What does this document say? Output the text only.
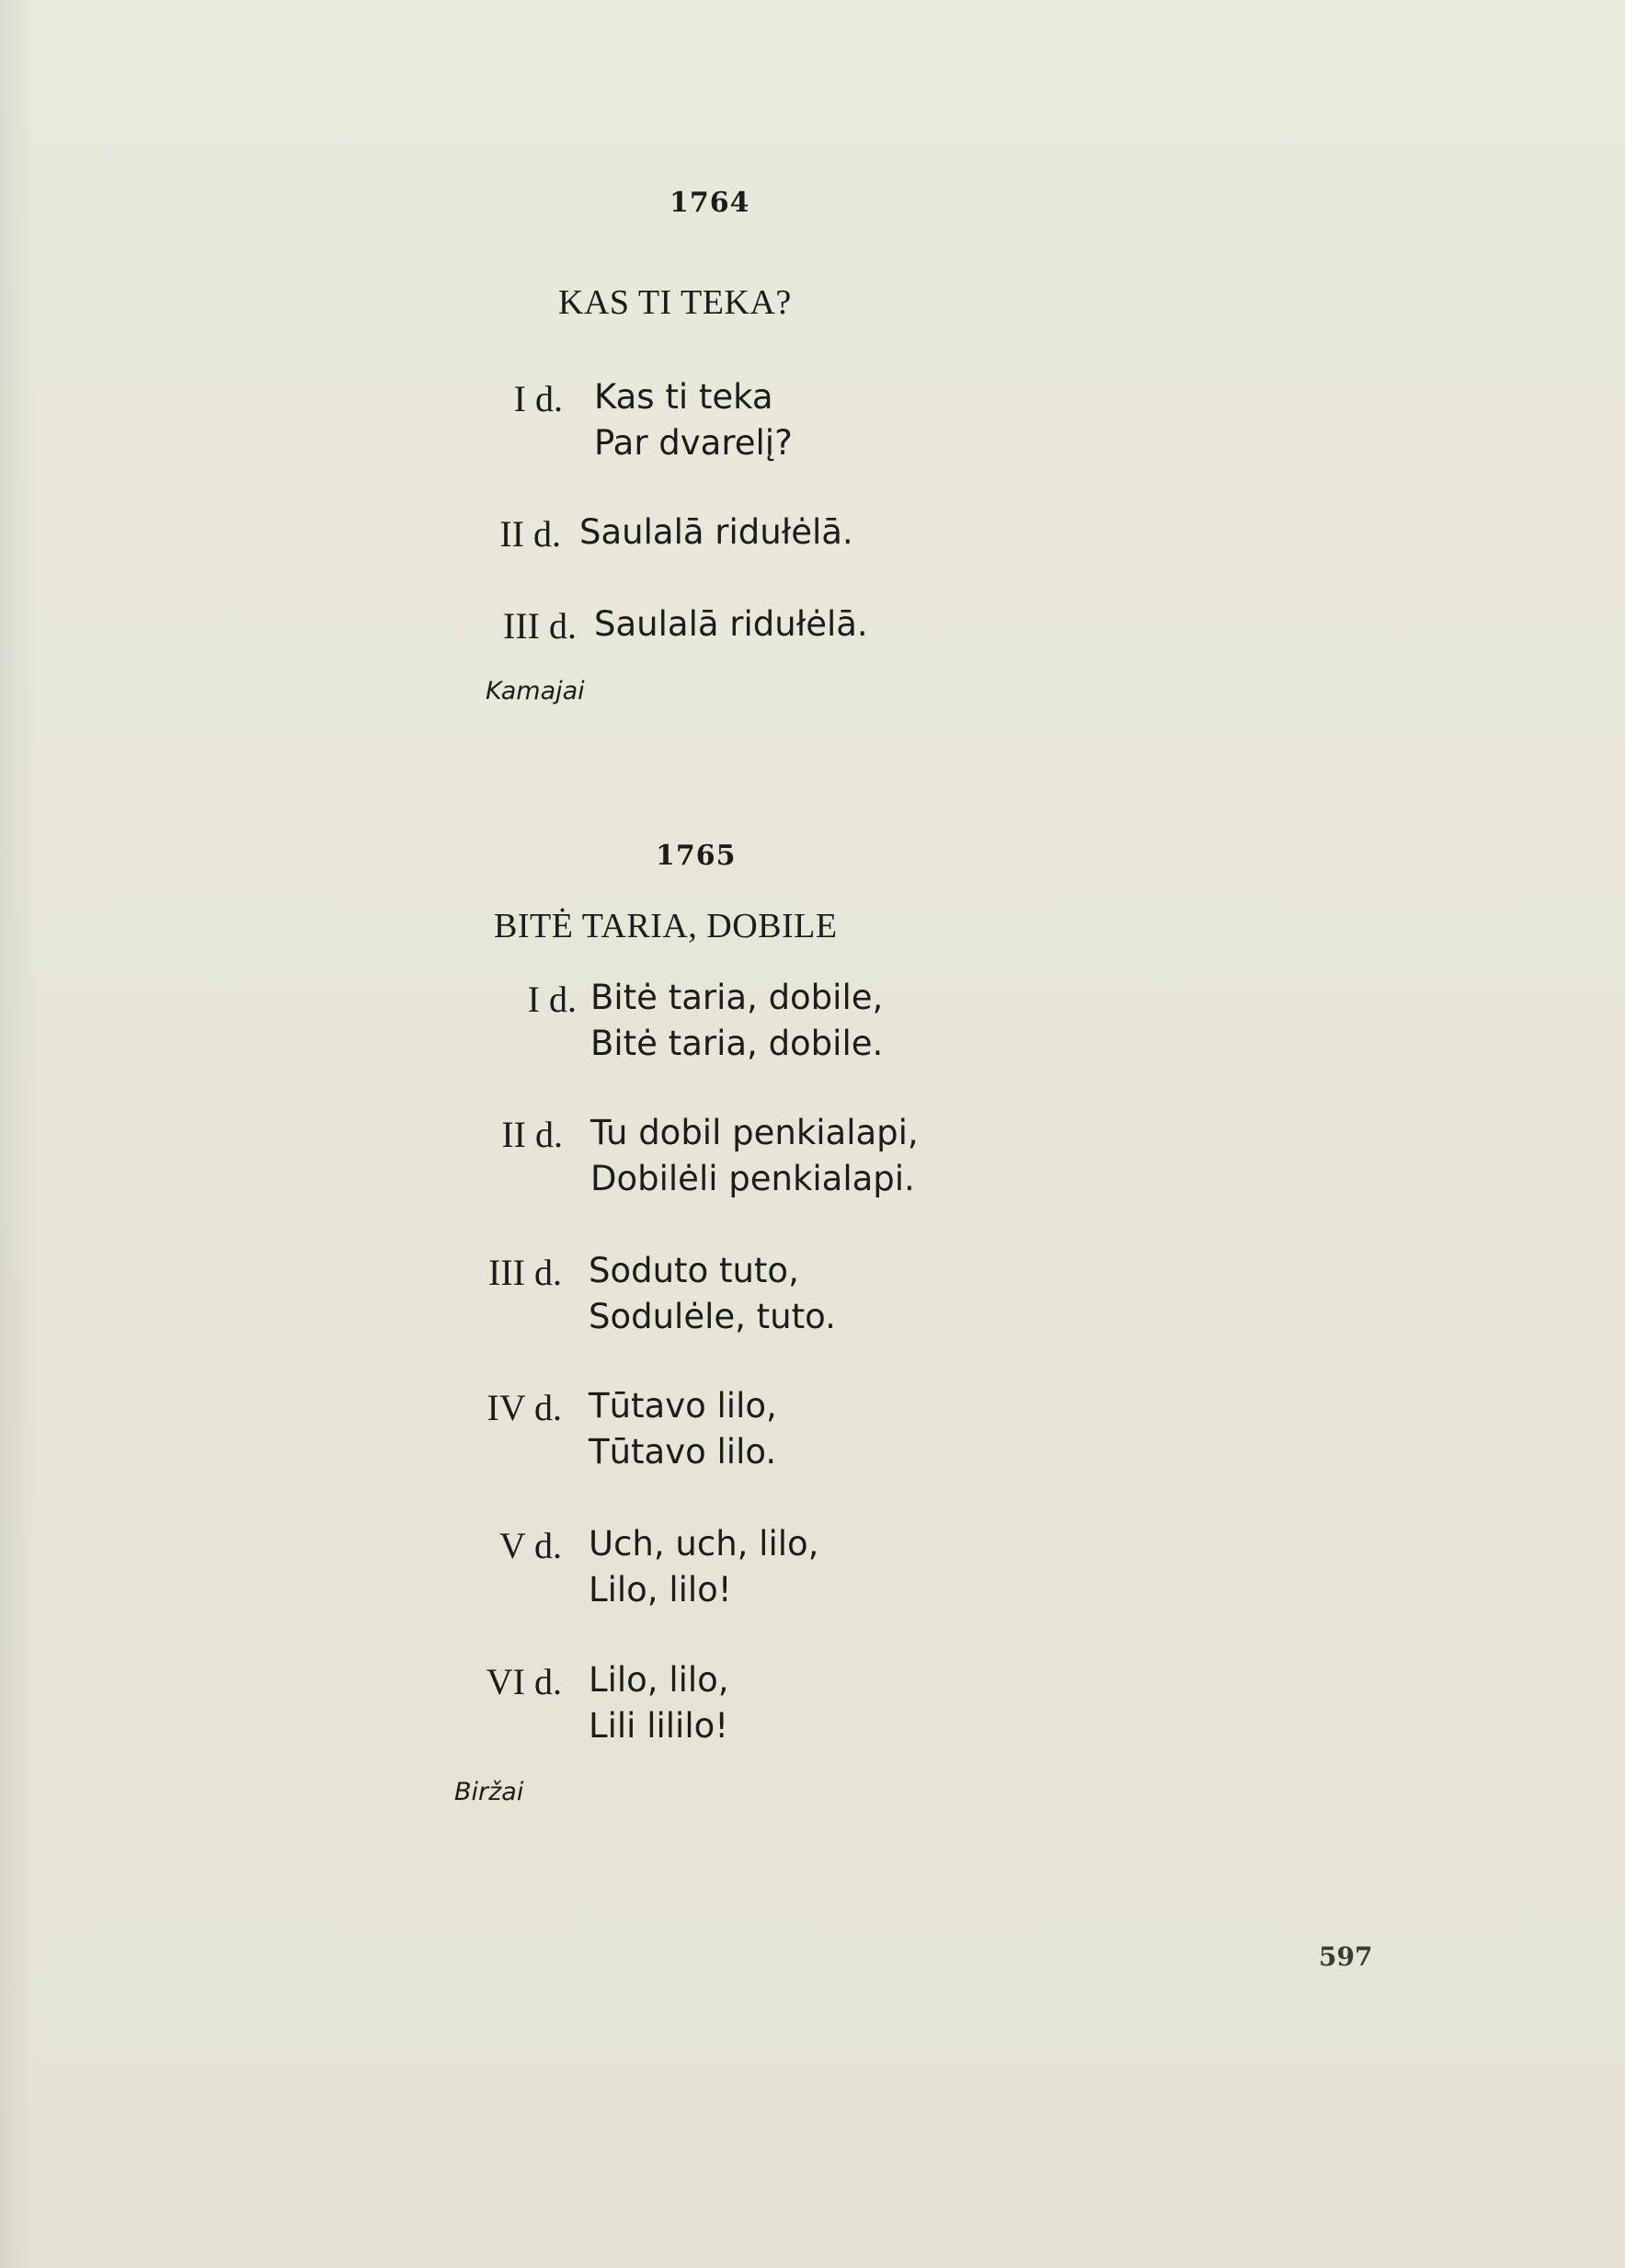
1764
KAS TI TEKA?
I d. Kas ti teka
Par dvarelį?
II d. Saulalā ridułėlā.
III d. Saulalā ridułėlā.
Kamajai
1765
BITĖ TARIA, DOBILE
I d. Bitė taria, dobile,
Bitė taria, dobile.
II d. Tu dobil penkialapi,
Dobilėli penkialapi.
III d. Soduto tuto,
Sodulėle, tuto.
IV d. Tūtavo lilo,
Tūtavo lilo.
V d. Uch, uch, lilo,
Lilo, lilo!
VI d. Lilo, lilo,
Lili lililo!
Biržai
597
